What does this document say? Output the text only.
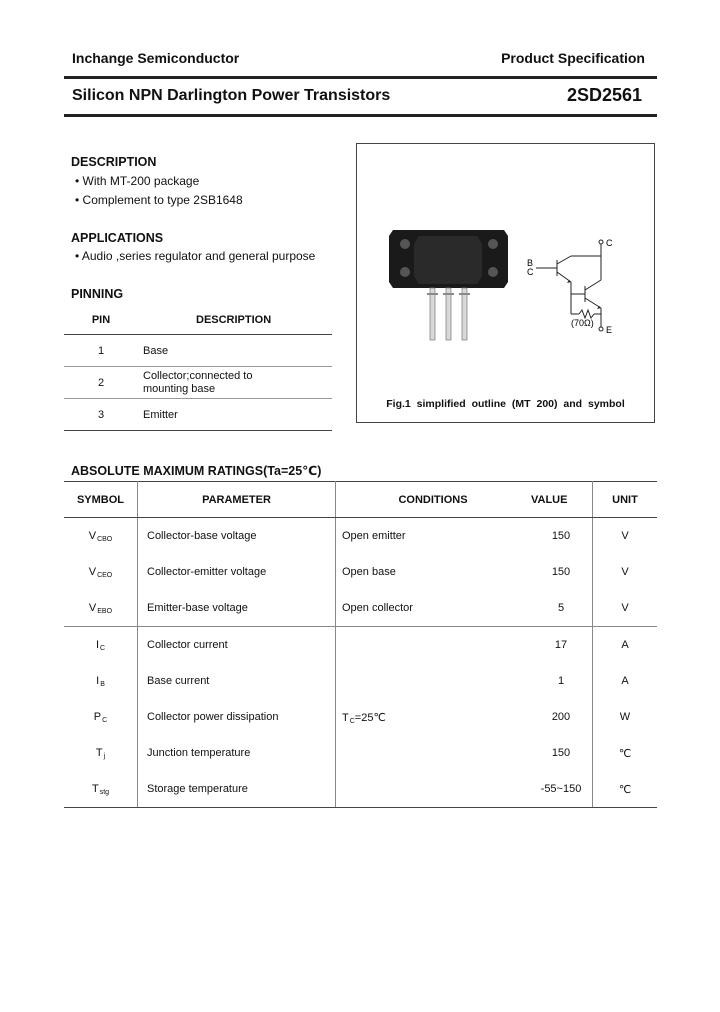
Inchange Semiconductor	Product Specification
Silicon NPN Darlington Power Transistors	2SD2561
DESCRIPTION
• With MT-200 package
• Complement to type 2SB1648
APPLICATIONS
• Audio ,series regulator and general purpose
PINNING
PIN	DESCRIPTION
1	Base
2	Collector;connected to mounting base
3	Emitter
C
B
C
E
(70Ω)
Fig.1 simplified outline (MT 200) and symbol
ABSOLUTE MAXIMUM RATINGS(Ta=25℃)
SYMBOL	PARAMETER	CONDITIONS	VALUE	UNIT
VCBO	Collector-base voltage	Open emitter	150	V
VCEO	Collector-emitter voltage	Open base	150	V
VEBO	Emitter-base voltage	Open collector	5	V
IC	Collector current		17	A
IB	Base current		1	A
PC	Collector power dissipation	TC=25℃	200	W
Tj	Junction temperature		150	℃
Tstg	Storage temperature		-55~150	℃
